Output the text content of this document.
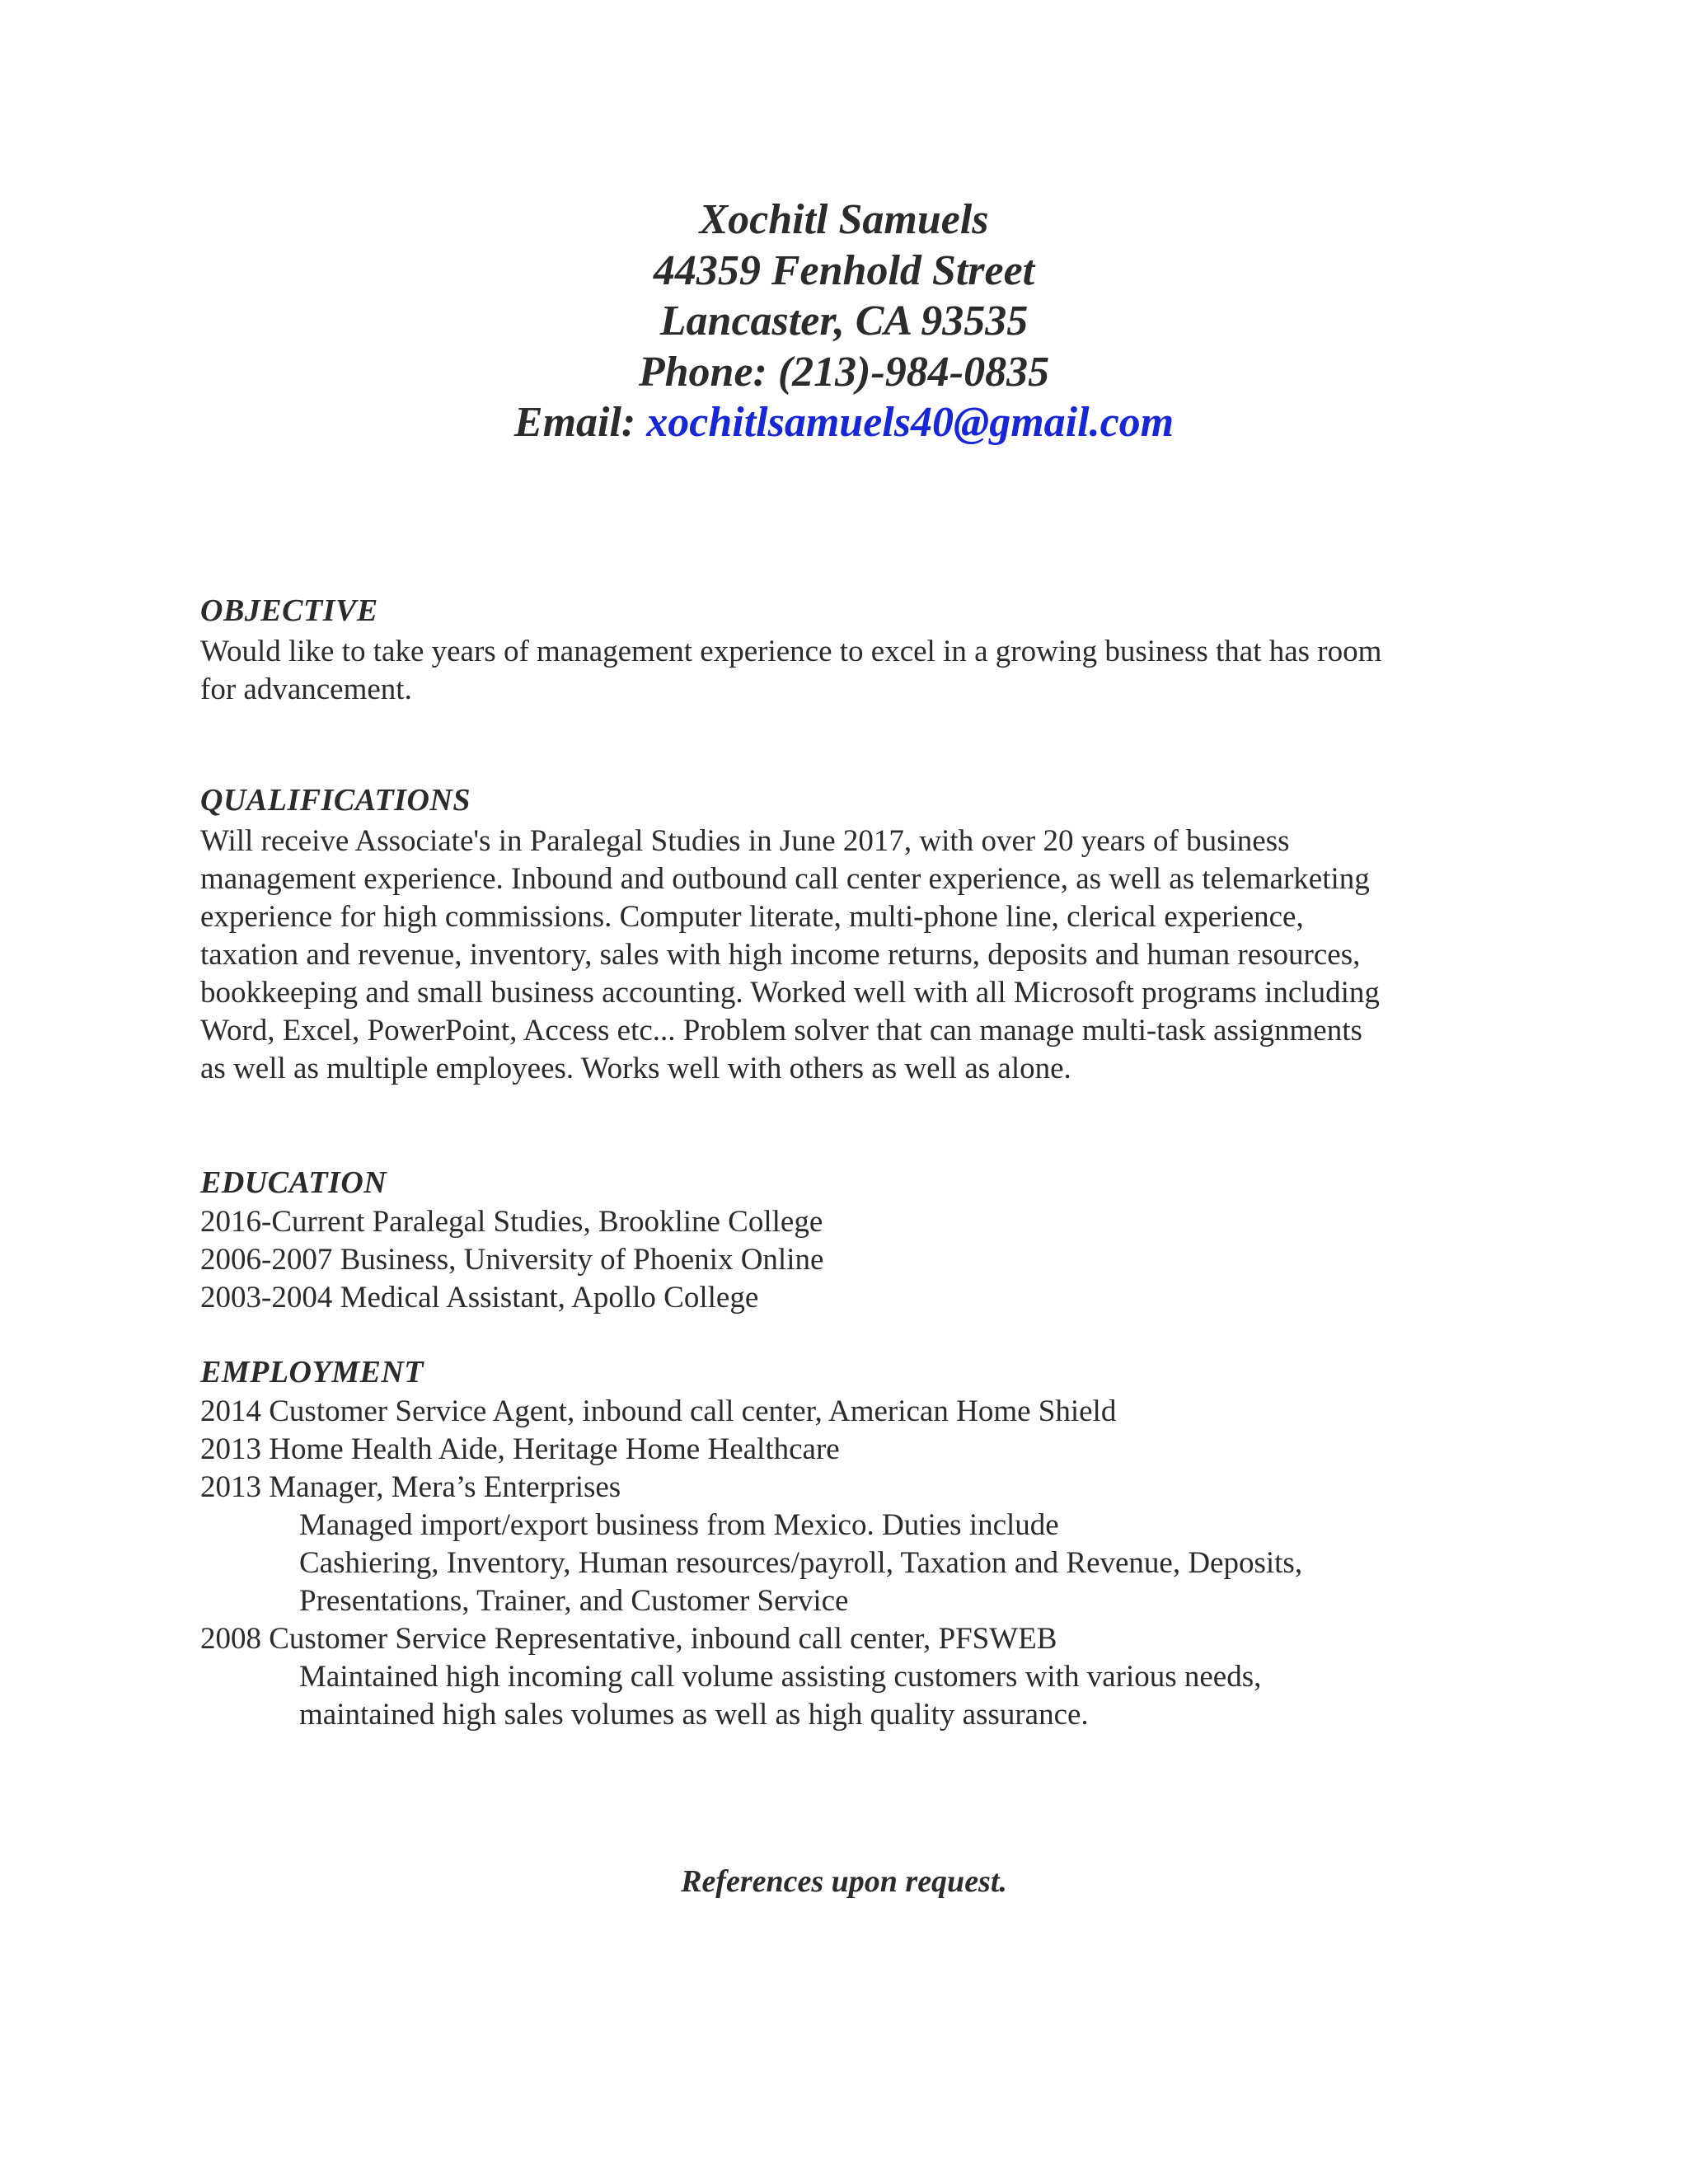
Xochitl Samuels
44359 Fenhold Street
Lancaster, CA 93535
Phone: (213)-984-0835
Email: xochitlsamuels40@gmail.com
OBJECTIVE
Would like to take years of management experience to excel in a growing business that has room
for advancement.
QUALIFICATIONS
Will receive Associate's in Paralegal Studies in June 2017, with over 20 years of business
management experience. Inbound and outbound call center experience, as well as telemarketing
experience for high commissions. Computer literate, multi-phone line, clerical experience,
taxation and revenue, inventory, sales with high income returns, deposits and human resources,
bookkeeping and small business accounting. Worked well with all Microsoft programs including
Word, Excel, PowerPoint, Access etc... Problem solver that can manage multi-task assignments
as well as multiple employees. Works well with others as well as alone.
EDUCATION
2016-Current Paralegal Studies, Brookline College
2006-2007 Business, University of Phoenix Online
2003-2004 Medical Assistant, Apollo College
EMPLOYMENT
2014 Customer Service Agent, inbound call center, American Home Shield
2013 Home Health Aide, Heritage Home Healthcare
2013 Manager, Mera’s Enterprises
Managed import/export business from Mexico. Duties include
Cashiering, Inventory, Human resources/payroll, Taxation and Revenue, Deposits,
Presentations, Trainer, and Customer Service
2008 Customer Service Representative, inbound call center, PFSWEB
Maintained high incoming call volume assisting customers with various needs,
maintained high sales volumes as well as high quality assurance.
References upon request.
